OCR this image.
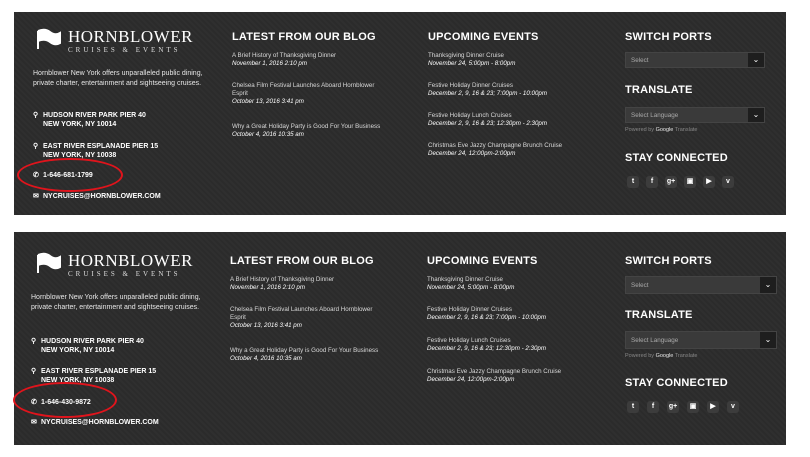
HORNBLOWER
CRUISES & EVENTS
Hornblower New York offers unparalleled public dining, private charter, entertainment and sightseeing cruises.
⚲ HUDSON RIVER PARK PIER 40
NEW YORK, NY 10014
⚲ EAST RIVER ESPLANADE PIER 15
NEW YORK, NY 10038
✆ 1-646-681-1799
✉ NYCRUISES@HORNBLOWER.COM
LATEST FROM OUR BLOG
A Brief History of Thanksgiving Dinner
November 1, 2016 2:10 pm
Chelsea Film Festival Launches Aboard Hornblower Esprit
October 13, 2016 3:41 pm
Why a Great Holiday Party is Good For Your Business
October 4, 2016 10:35 am
UPCOMING EVENTS
Thanksgiving Dinner Cruise
November 24, 5:00pm - 8:00pm
Festive Holiday Dinner Cruises
December 2, 9, 16 & 23; 7:00pm - 10:00pm
Festive Holiday Lunch Cruises
December 2, 9, 16 & 23; 12:30pm - 2:30pm
Christmas Eve Jazzy Champagne Brunch Cruise
December 24, 12:00pm-2:00pm
SWITCH PORTS
Select	⌄
TRANSLATE
Select Language	⌄
Powered by Google Translate
STAY CONNECTED
t	f	g+	▣	▶	v
HORNBLOWER
CRUISES & EVENTS
Hornblower New York offers unparalleled public dining, private charter, entertainment and sightseeing cruises.
⚲ HUDSON RIVER PARK PIER 40
NEW YORK, NY 10014
⚲ EAST RIVER ESPLANADE PIER 15
NEW YORK, NY 10038
✆ 1-646-430-9872
✉ NYCRUISES@HORNBLOWER.COM
LATEST FROM OUR BLOG
A Brief History of Thanksgiving Dinner
November 1, 2016 2:10 pm
Chelsea Film Festival Launches Aboard Hornblower Esprit
October 13, 2016 3:41 pm
Why a Great Holiday Party is Good For Your Business
October 4, 2016 10:35 am
UPCOMING EVENTS
Thanksgiving Dinner Cruise
November 24, 5:00pm - 8:00pm
Festive Holiday Dinner Cruises
December 2, 9, 16 & 23; 7:00pm - 10:00pm
Festive Holiday Lunch Cruises
December 2, 9, 16 & 23; 12:30pm - 2:30pm
Christmas Eve Jazzy Champagne Brunch Cruise
December 24, 12:00pm-2:00pm
SWITCH PORTS
Select	⌄
TRANSLATE
Select Language	⌄
Powered by Google Translate
STAY CONNECTED
t	f	g+	▣	▶	v
